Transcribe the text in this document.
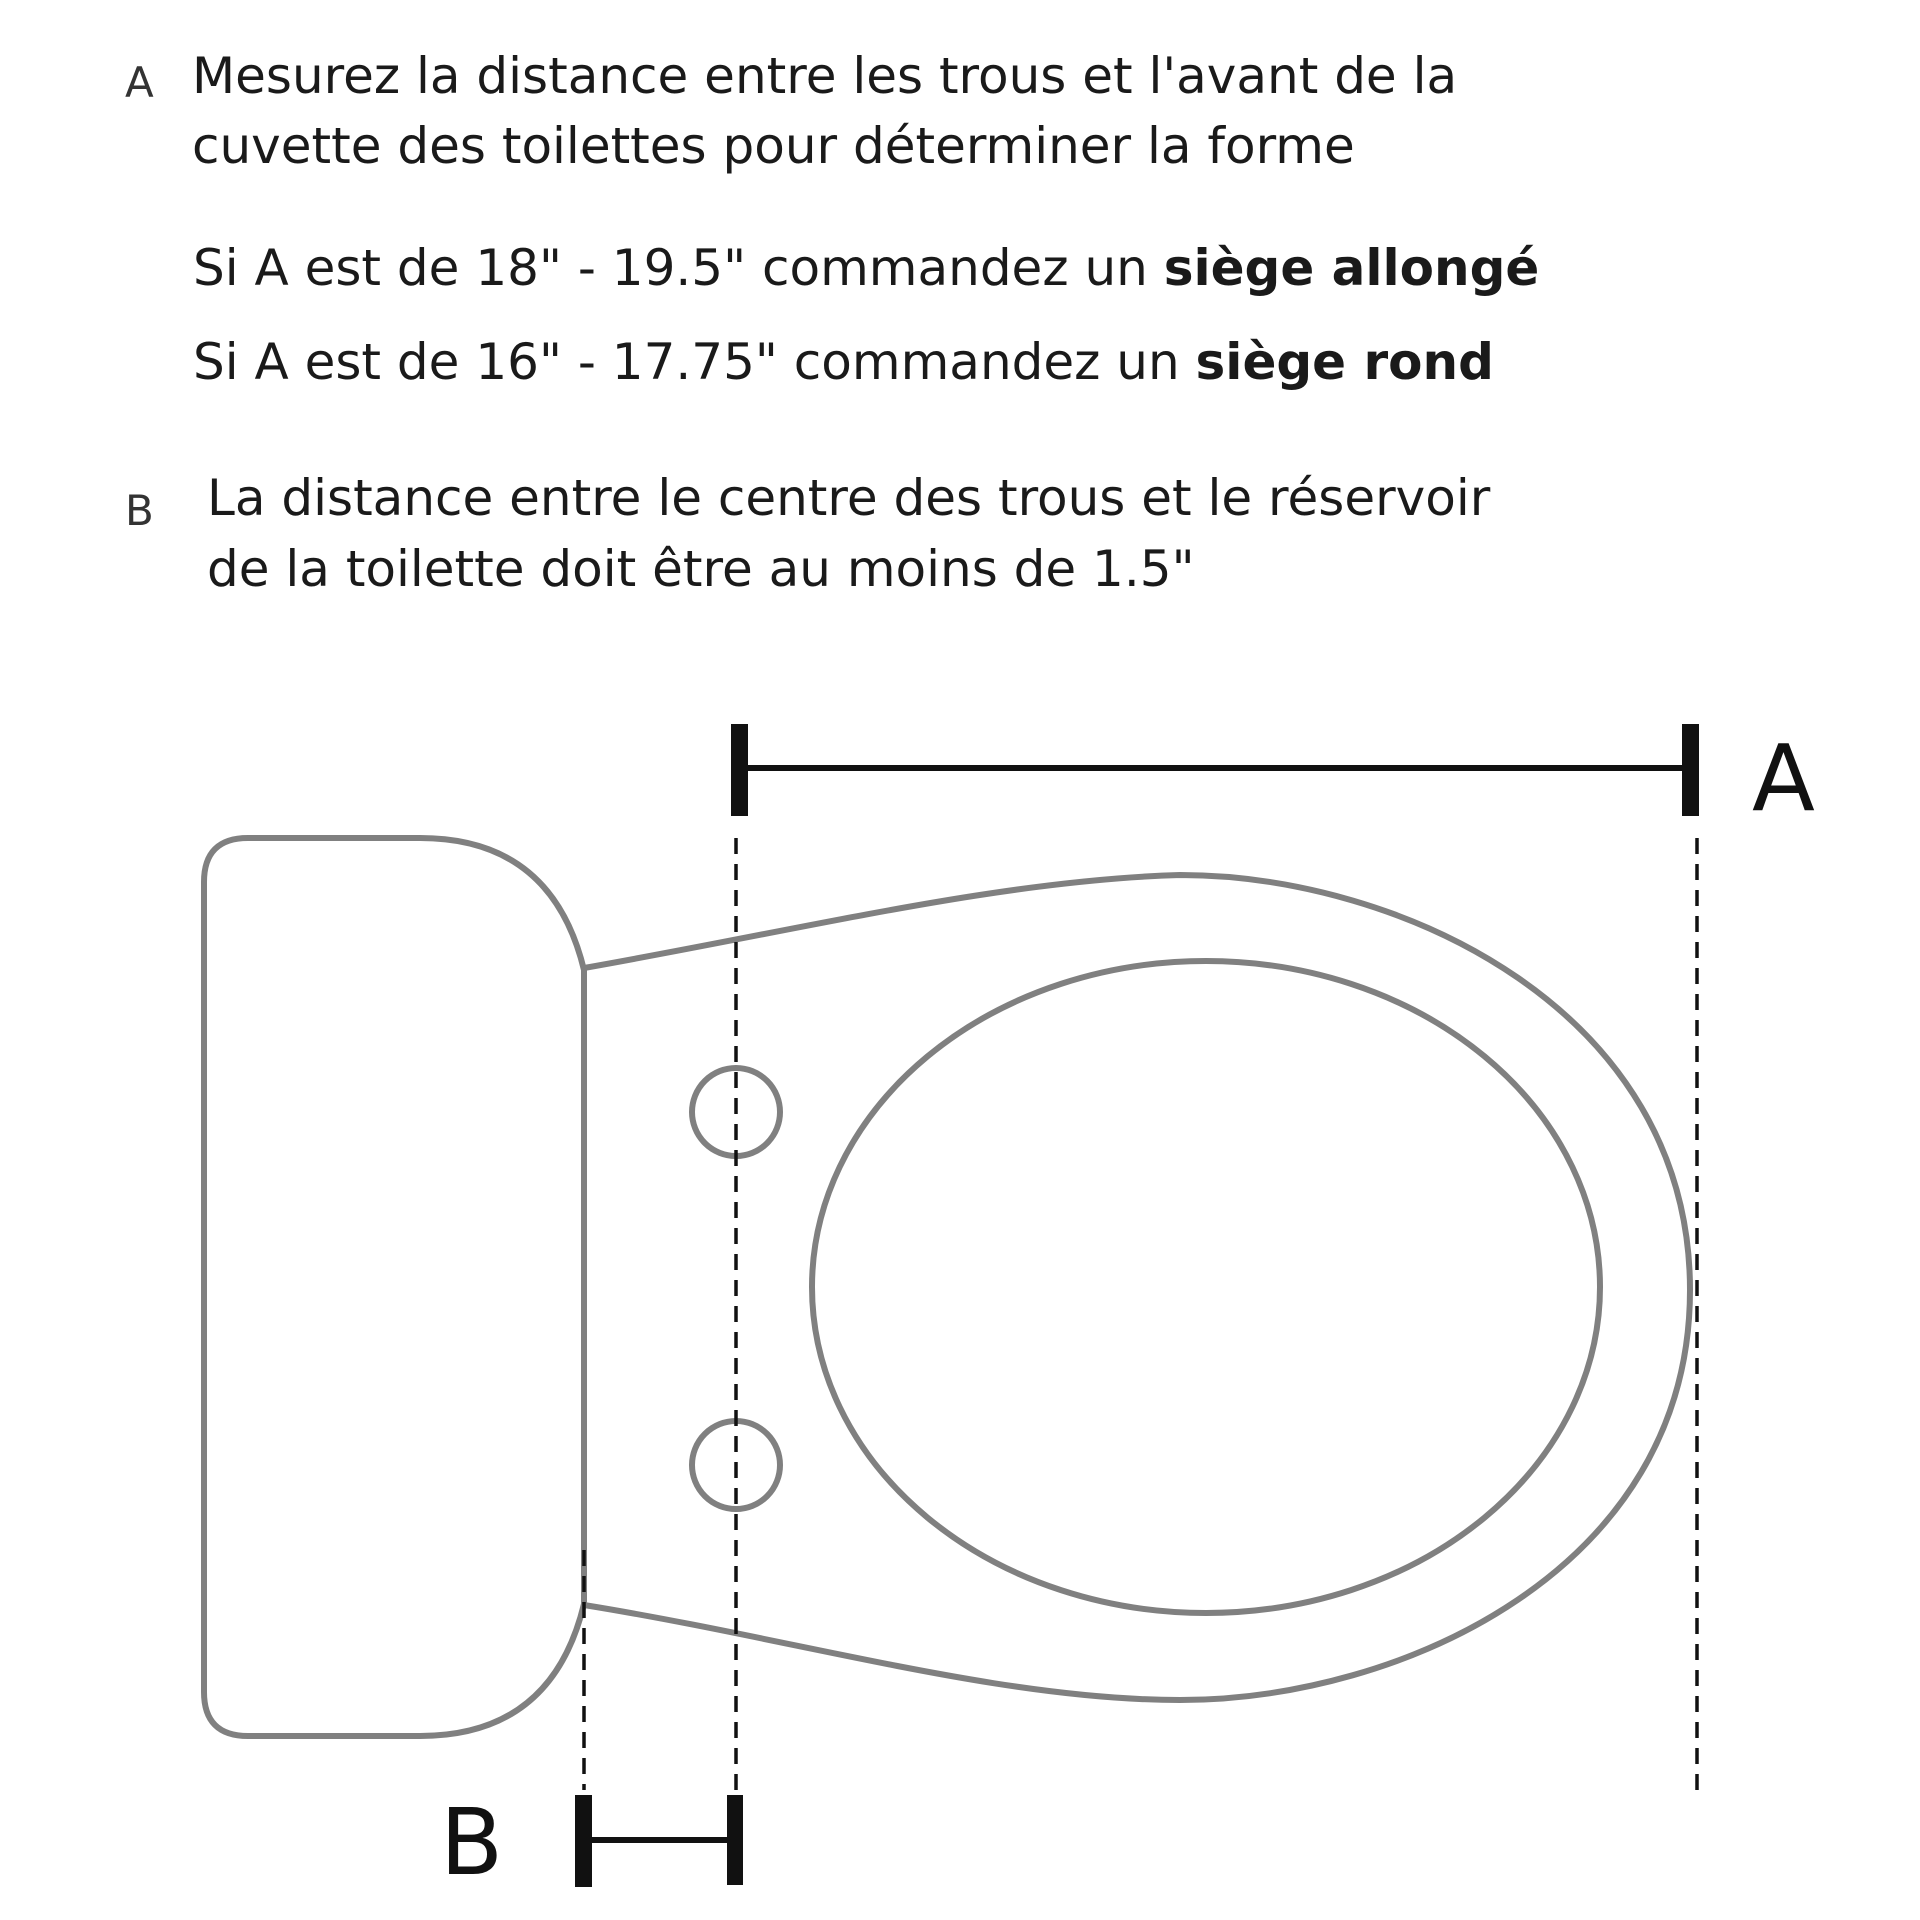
A Mesurez la distance entre les trous et l'avant de la
cuvette des toilettes pour déterminer la forme
Si A est de 18" - 19.5" commandez un siège allongé
Si A est de 16" - 17.75" commandez un siège rond
B La distance entre le centre des trous et le réservoir
de la toilette doit être au moins de 1.5"
A
B
